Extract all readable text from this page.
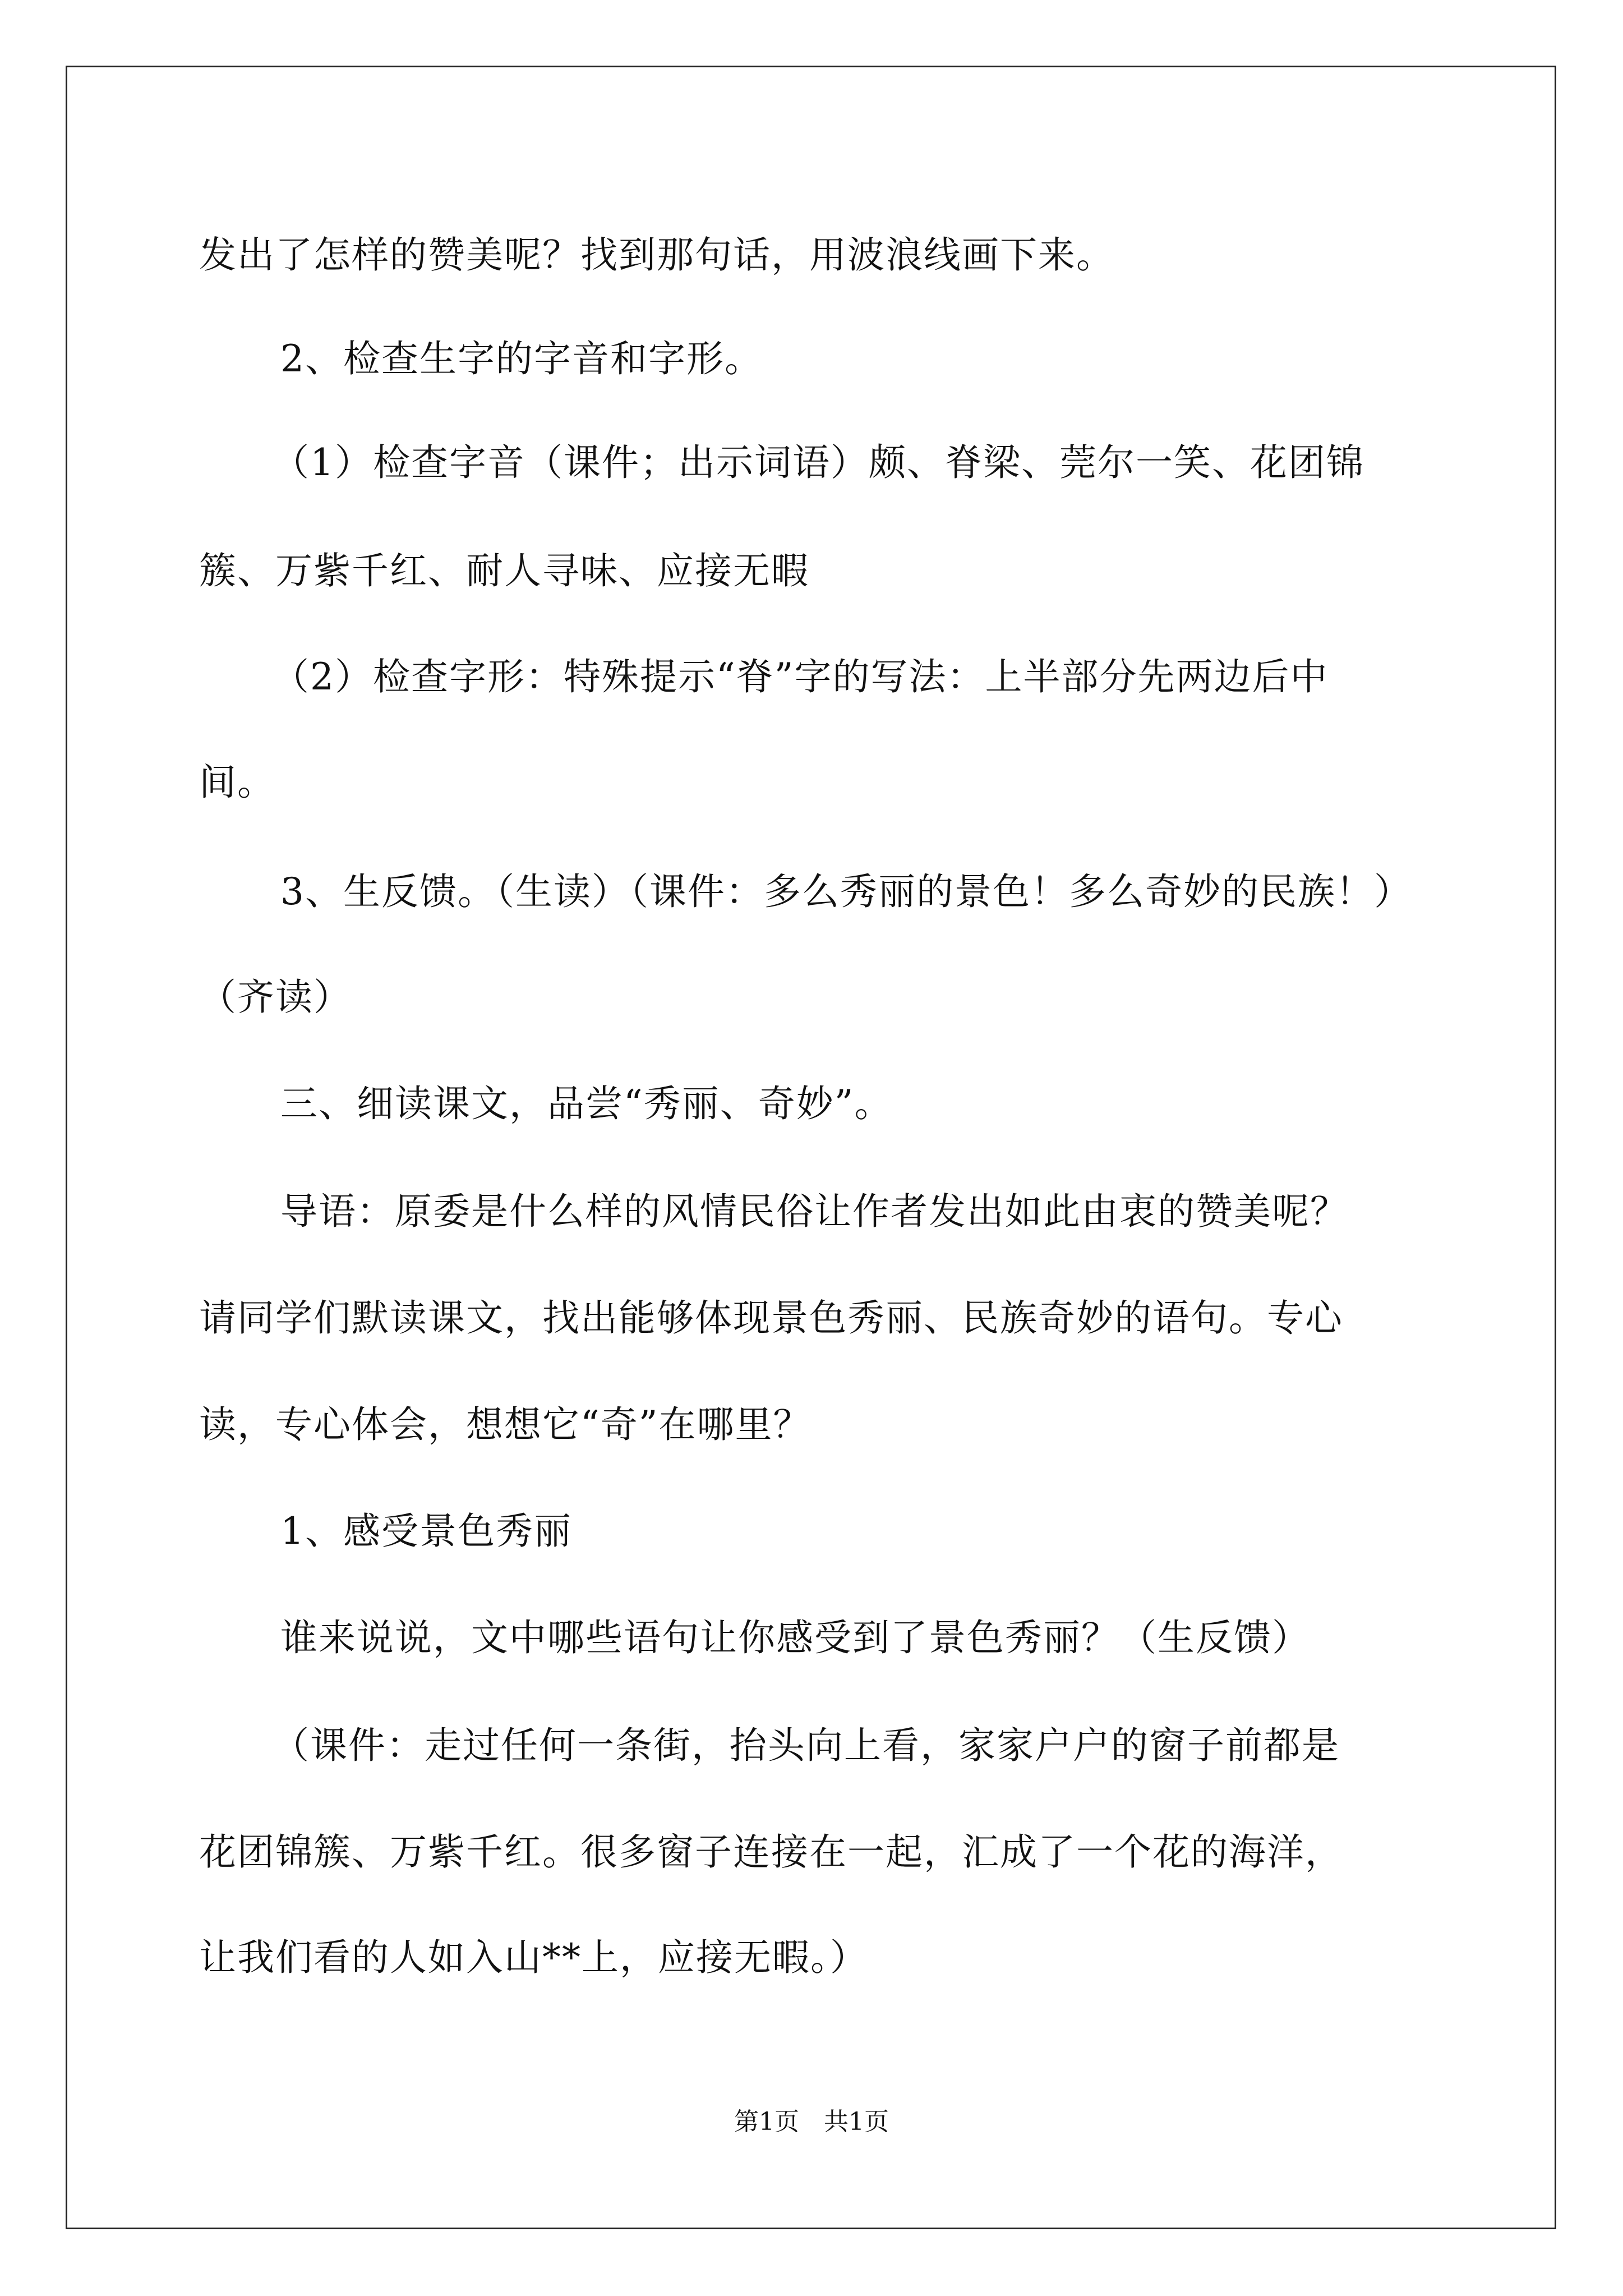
发出了怎样的赞美呢？找到那句话，用波浪线画下来。
2、检查生字的字音和字形。
（1）检查字音（课件；出示词语）颇、脊梁、莞尔一笑、花团锦
簇、万紫千红、耐人寻味、应接无暇
（2）检查字形：特殊提示“脊”字的写法：上半部分先两边后中
间。
3、生反馈。（生读）（课件：多么秀丽的景色！多么奇妙的民族！）
（齐读）
三、细读课文，品尝“秀丽、奇妙”。
导语：原委是什么样的风情民俗让作者发出如此由衷的赞美呢？
请同学们默读课文，找出能够体现景色秀丽、民族奇妙的语句。专心
读，专心体会，想想它“奇”在哪里？
1、感受景色秀丽
谁来说说，文中哪些语句让你感受到了景色秀丽？（生反馈）
（课件：走过任何一条街，抬头向上看，家家户户的窗子前都是
花团锦簇、万紫千红。很多窗子连接在一起，汇成了一个花的海洋，
让我们看的人如入山**上，应接无暇。）
第1页　共1页
